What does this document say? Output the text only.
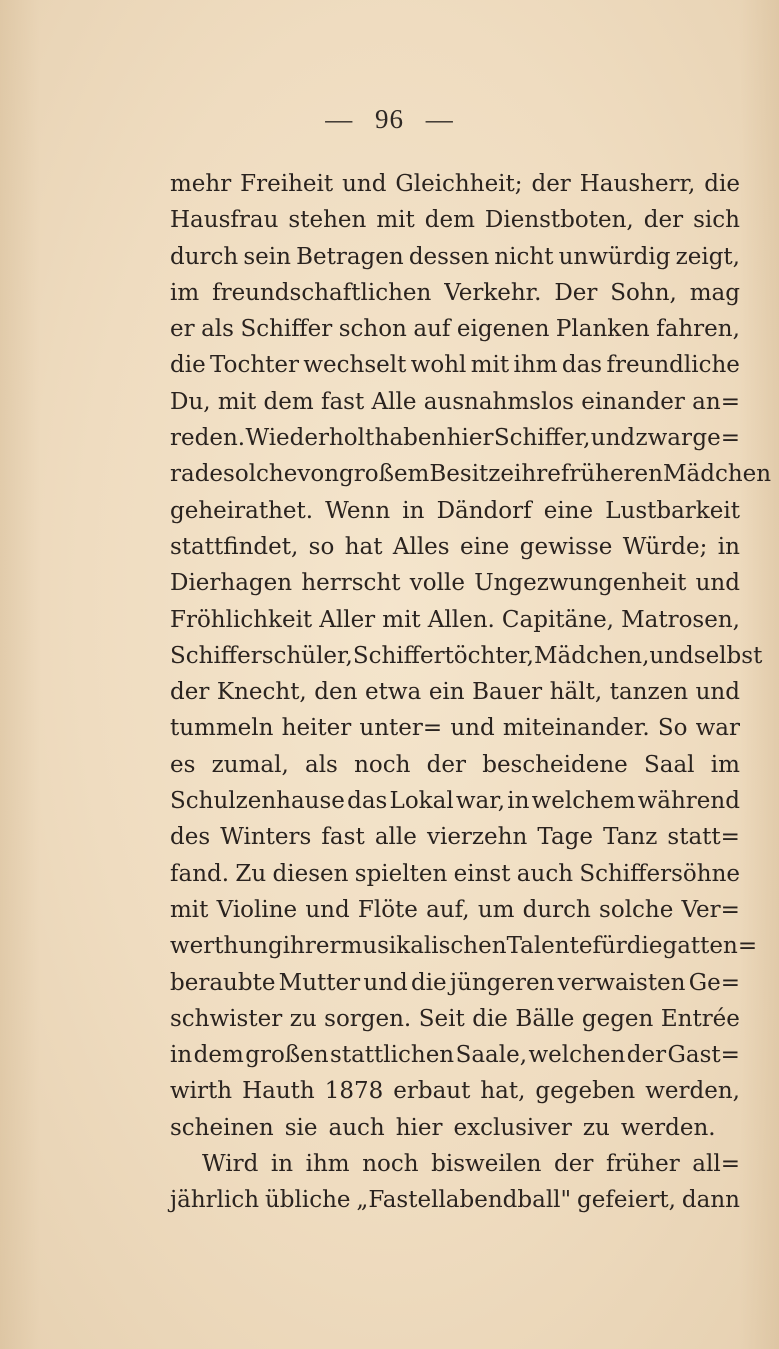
— 96 —
mehr Freiheit und Gleichheit; der Hausherr, die
Hausfrau stehen mit dem Dienstboten, der sich
durch sein Betragen dessen nicht unwürdig zeigt,
im freundschaftlichen Verkehr. Der Sohn, mag
er als Schiffer schon auf eigenen Planken fahren,
die Tochter wechselt wohl mit ihm das freundliche
Du, mit dem fast Alle ausnahmslos einander an=
reden. Wiederholt haben hier Schiffer, und zwar ge=
rade solche von großem Besitze ihre früheren Mädchen
geheirathet. Wenn in Dändorf eine Lustbarkeit
stattfindet, so hat Alles eine gewisse Würde; in
Dierhagen herrscht volle Ungezwungenheit und
Fröhlichkeit Aller mit Allen. Capitäne, Matrosen,
Schifferschüler, Schiffertöchter, Mädchen, und selbst
der Knecht, den etwa ein Bauer hält, tanzen und
tummeln heiter unter= und miteinander. So war
es zumal, als noch der bescheidene Saal im
Schulzenhause das Lokal war, in welchem während
des Winters fast alle vierzehn Tage Tanz statt=
fand. Zu diesen spielten einst auch Schiffersöhne
mit Violine und Flöte auf, um durch solche Ver=
werthung ihrer musikalischen Talente für die gatten=
beraubte Mutter und die jüngeren verwaisten Ge=
schwister zu sorgen. Seit die Bälle gegen Entrée
in dem großen stattlichen Saale, welchen der Gast=
wirth Hauth 1878 erbaut hat, gegeben werden,
scheinen sie auch hier exclusiver zu werden.
Wird in ihm noch bisweilen der früher all=
jährlich übliche „Fastellabendball" gefeiert, dann
